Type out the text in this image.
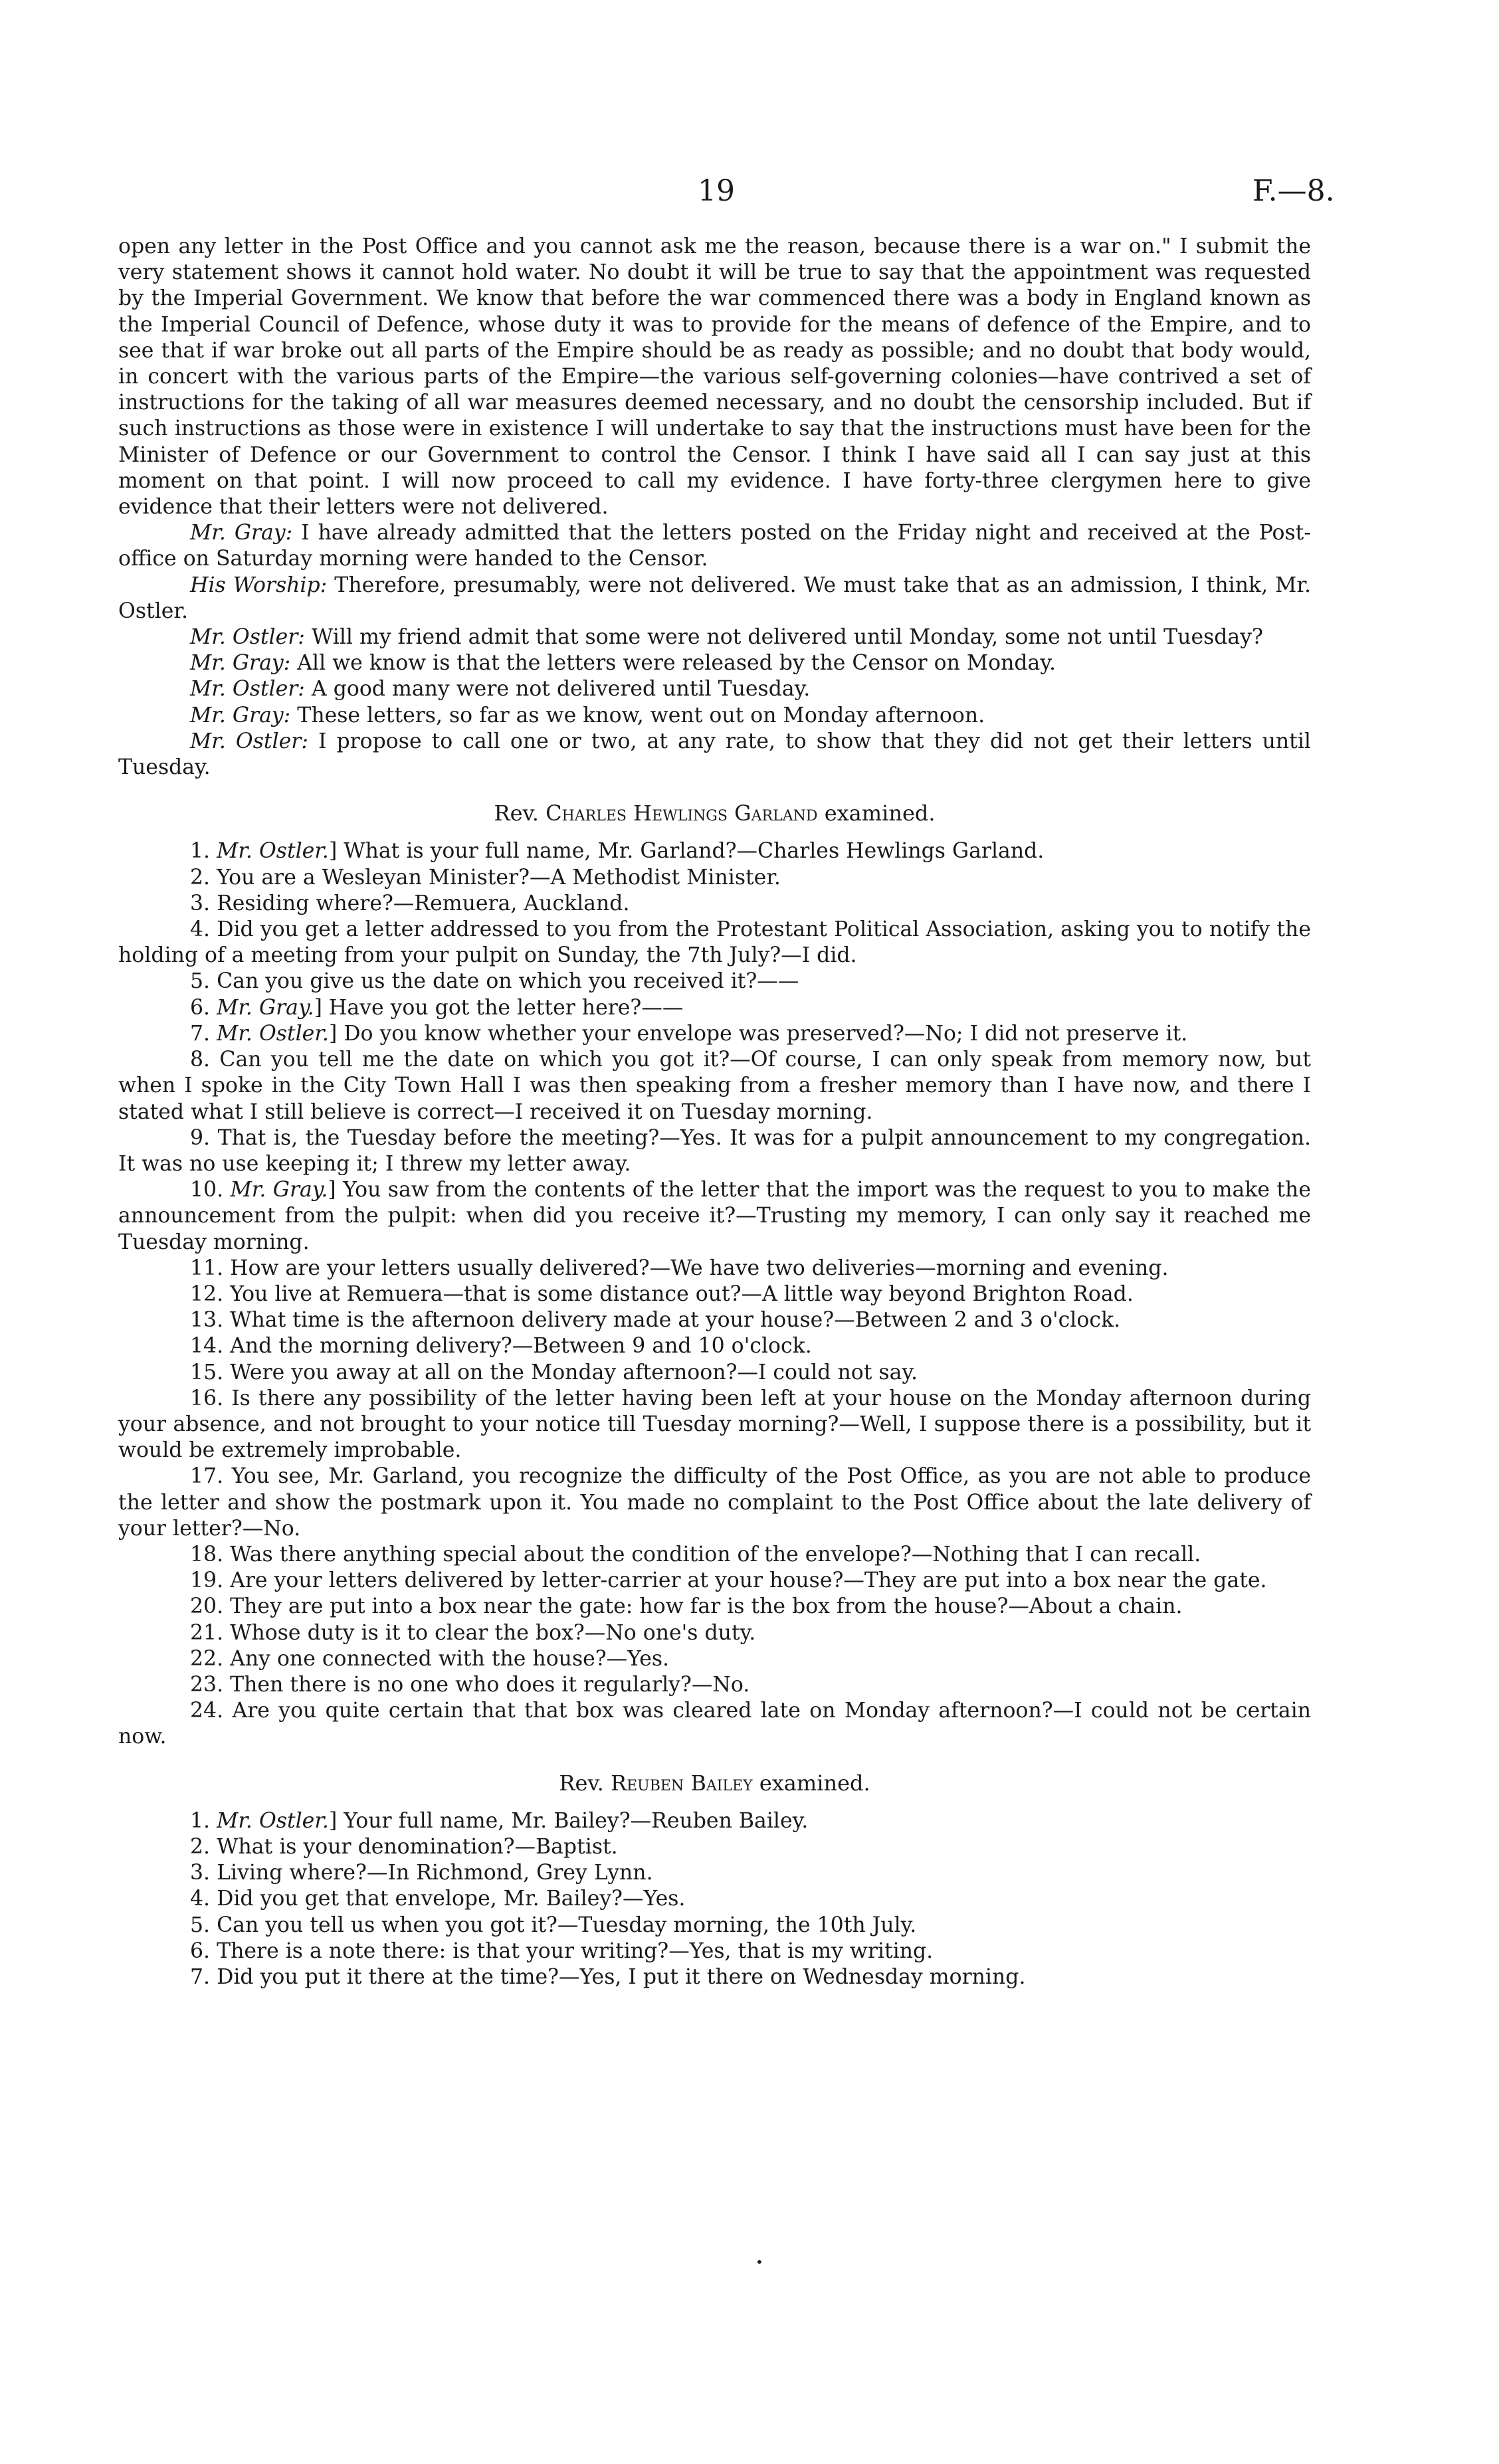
19	F.—8.

open any letter in the Post Office and you cannot ask me the reason, because there is a war on." I submit the very statement shows it cannot hold water. No doubt it will be true to say that the appointment was requested by the Imperial Government. We know that before the war commenced there was a body in England known as the Imperial Council of Defence, whose duty it was to provide for the means of defence of the Empire, and to see that if war broke out all parts of the Empire should be as ready as possible; and no doubt that body would, in concert with the various parts of the Empire—the various self-governing colonies—have contrived a set of instructions for the taking of all war measures deemed necessary, and no doubt the censorship included. But if such instructions as those were in existence I will undertake to say that the instructions must have been for the Minister of Defence or our Government to control the Censor. I think I have said all I can say just at this moment on that point. I will now proceed to call my evidence. I have forty-three clergymen here to give evidence that their letters were not delivered.

Mr. Gray: I have already admitted that the letters posted on the Friday night and received at the Post-office on Saturday morning were handed to the Censor.

His Worship: Therefore, presumably, were not delivered. We must take that as an admission, I think, Mr. Ostler.

Mr. Ostler: Will my friend admit that some were not delivered until Monday, some not until Tuesday?

Mr. Gray: All we know is that the letters were released by the Censor on Monday.

Mr. Ostler: A good many were not delivered until Tuesday.

Mr. Gray: These letters, so far as we know, went out on Monday afternoon.

Mr. Ostler: I propose to call one or two, at any rate, to show that they did not get their letters until Tuesday.

Rev. Charles Hewlings Garland examined.

1. Mr. Ostler.] What is your full name, Mr. Garland?—Charles Hewlings Garland.

2. You are a Wesleyan Minister?—A Methodist Minister.

3. Residing where?—Remuera, Auckland.

4. Did you get a letter addressed to you from the Protestant Political Association, asking you to notify the holding of a meeting from your pulpit on Sunday, the 7th July?—I did.

5. Can you give us the date on which you received it?——

6. Mr. Gray.] Have you got the letter here?——

7. Mr. Ostler.] Do you know whether your envelope was preserved?—No; I did not preserve it.

8. Can you tell me the date on which you got it?—Of course, I can only speak from memory now, but when I spoke in the City Town Hall I was then speaking from a fresher memory than I have now, and there I stated what I still believe is correct—I received it on Tuesday morning.

9. That is, the Tuesday before the meeting?—Yes. It was for a pulpit announcement to my congregation. It was no use keeping it; I threw my letter away.

10. Mr. Gray.] You saw from the contents of the letter that the import was the request to you to make the announcement from the pulpit: when did you receive it?—Trusting my memory, I can only say it reached me Tuesday morning.

11. How are your letters usually delivered?—We have two deliveries—morning and evening.

12. You live at Remuera—that is some distance out?—A little way beyond Brighton Road.

13. What time is the afternoon delivery made at your house?—Between 2 and 3 o'clock.

14. And the morning delivery?—Between 9 and 10 o'clock.

15. Were you away at all on the Monday afternoon?—I could not say.

16. Is there any possibility of the letter having been left at your house on the Monday afternoon during your absence, and not brought to your notice till Tuesday morning?—Well, I suppose there is a possibility, but it would be extremely improbable.

17. You see, Mr. Garland, you recognize the difficulty of the Post Office, as you are not able to produce the letter and show the postmark upon it. You made no complaint to the Post Office about the late delivery of your letter?—No.

18. Was there anything special about the condition of the envelope?—Nothing that I can recall.

19. Are your letters delivered by letter-carrier at your house?—They are put into a box near the gate.

20. They are put into a box near the gate: how far is the box from the house?—About a chain.

21. Whose duty is it to clear the box?—No one's duty.

22. Any one connected with the house?—Yes.

23. Then there is no one who does it regularly?—No.

24. Are you quite certain that that box was cleared late on Monday afternoon?—I could not be certain now.

Rev. Reuben Bailey examined.

1. Mr. Ostler.] Your full name, Mr. Bailey?—Reuben Bailey.

2. What is your denomination?—Baptist.

3. Living where?—In Richmond, Grey Lynn.

4. Did you get that envelope, Mr. Bailey?—Yes.

5. Can you tell us when you got it?—Tuesday morning, the 10th July.

6. There is a note there: is that your writing?—Yes, that is my writing.

7. Did you put it there at the time?—Yes, I put it there on Wednesday morning.

•
